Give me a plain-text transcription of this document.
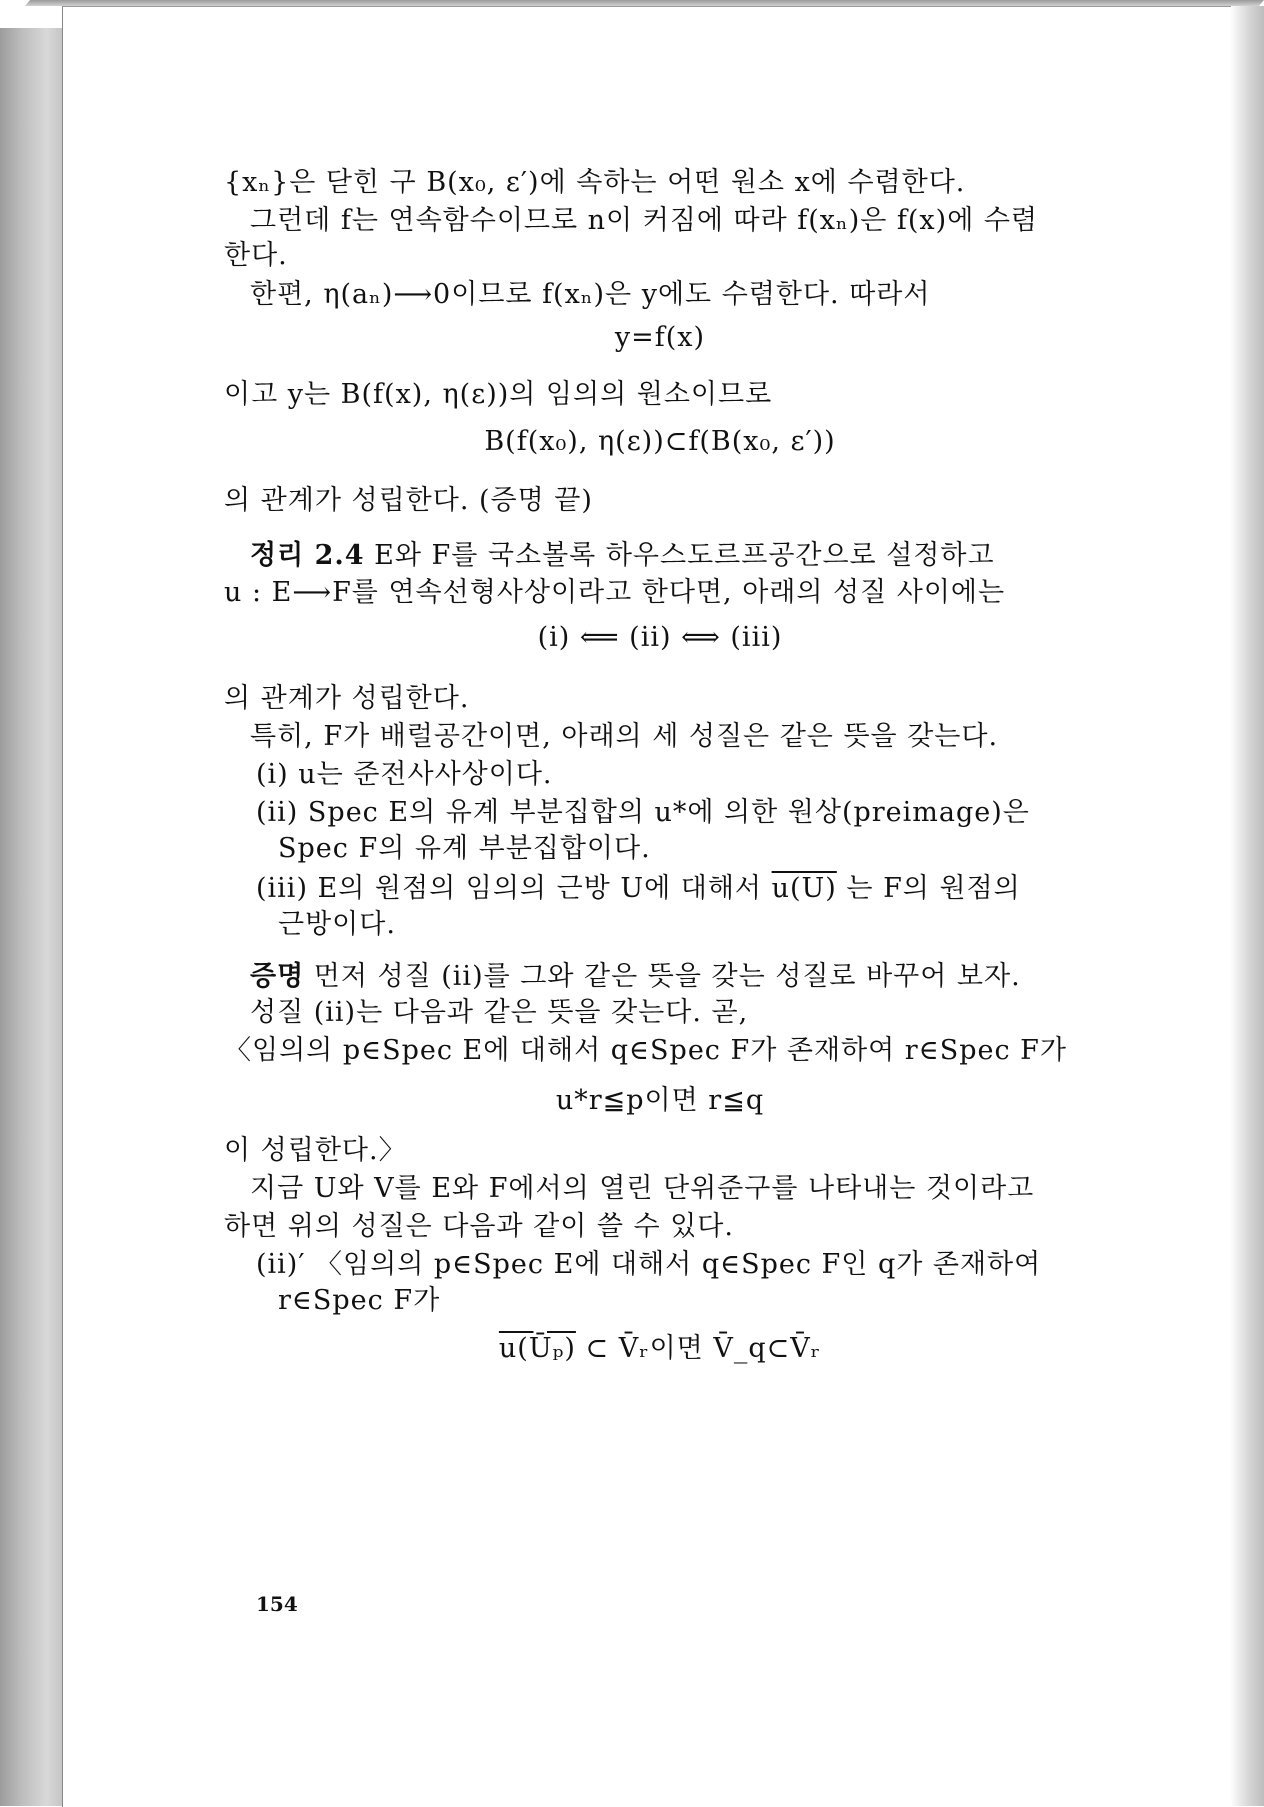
{xₙ}은 닫힌 구 B(x₀, ε′)에 속하는 어떤 원소 x에 수렴한다.
그런데 f는 연속함수이므로 n이 커짐에 따라 f(xₙ)은 f(x)에 수렴
한다.
한편, η(aₙ)⟶0이므로 f(xₙ)은 y에도 수렴한다. 따라서
y=f(x)
이고 y는 B(f(x), η(ε))의 임의의 원소이므로
B(f(x₀), η(ε))⊂f(B(x₀, ε′))
의 관계가 성립한다. (증명 끝)
정리 2.4 E와 F를 국소볼록 하우스도르프공간으로 설정하고
u : E⟶F를 연속선형사상이라고 한다면, 아래의 성질 사이에는
(i) ⟸ (ii) ⟺ (iii)
의 관계가 성립한다.
특히, F가 배럴공간이면, 아래의 세 성질은 같은 뜻을 갖는다.
(i) u는 준전사사상이다.
(ii) Spec E의 유계 부분집합의 u*에 의한 원상(preimage)은
Spec F의 유계 부분집합이다.
(iii) E의 원점의 임의의 근방 U에 대해서 u(U) 는 F의 원점의
근방이다.
증명 먼저 성질 (ii)를 그와 같은 뜻을 갖는 성질로 바꾸어 보자.
성질 (ii)는 다음과 같은 뜻을 갖는다. 곧,
〈임의의 p∈Spec E에 대해서 q∈Spec F가 존재하여 r∈Spec F가
u*r≦p이면 r≦q
이 성립한다.〉
지금 U와 V를 E와 F에서의 열린 단위준구를 나타내는 것이라고
하면 위의 성질은 다음과 같이 쓸 수 있다.
(ii)′ 〈임의의 p∈Spec E에 대해서 q∈Spec F인 q가 존재하여
r∈Spec F가
u(Ūₚ) ⊂ V̄ᵣ이면 V̄_q⊂V̄ᵣ
154
